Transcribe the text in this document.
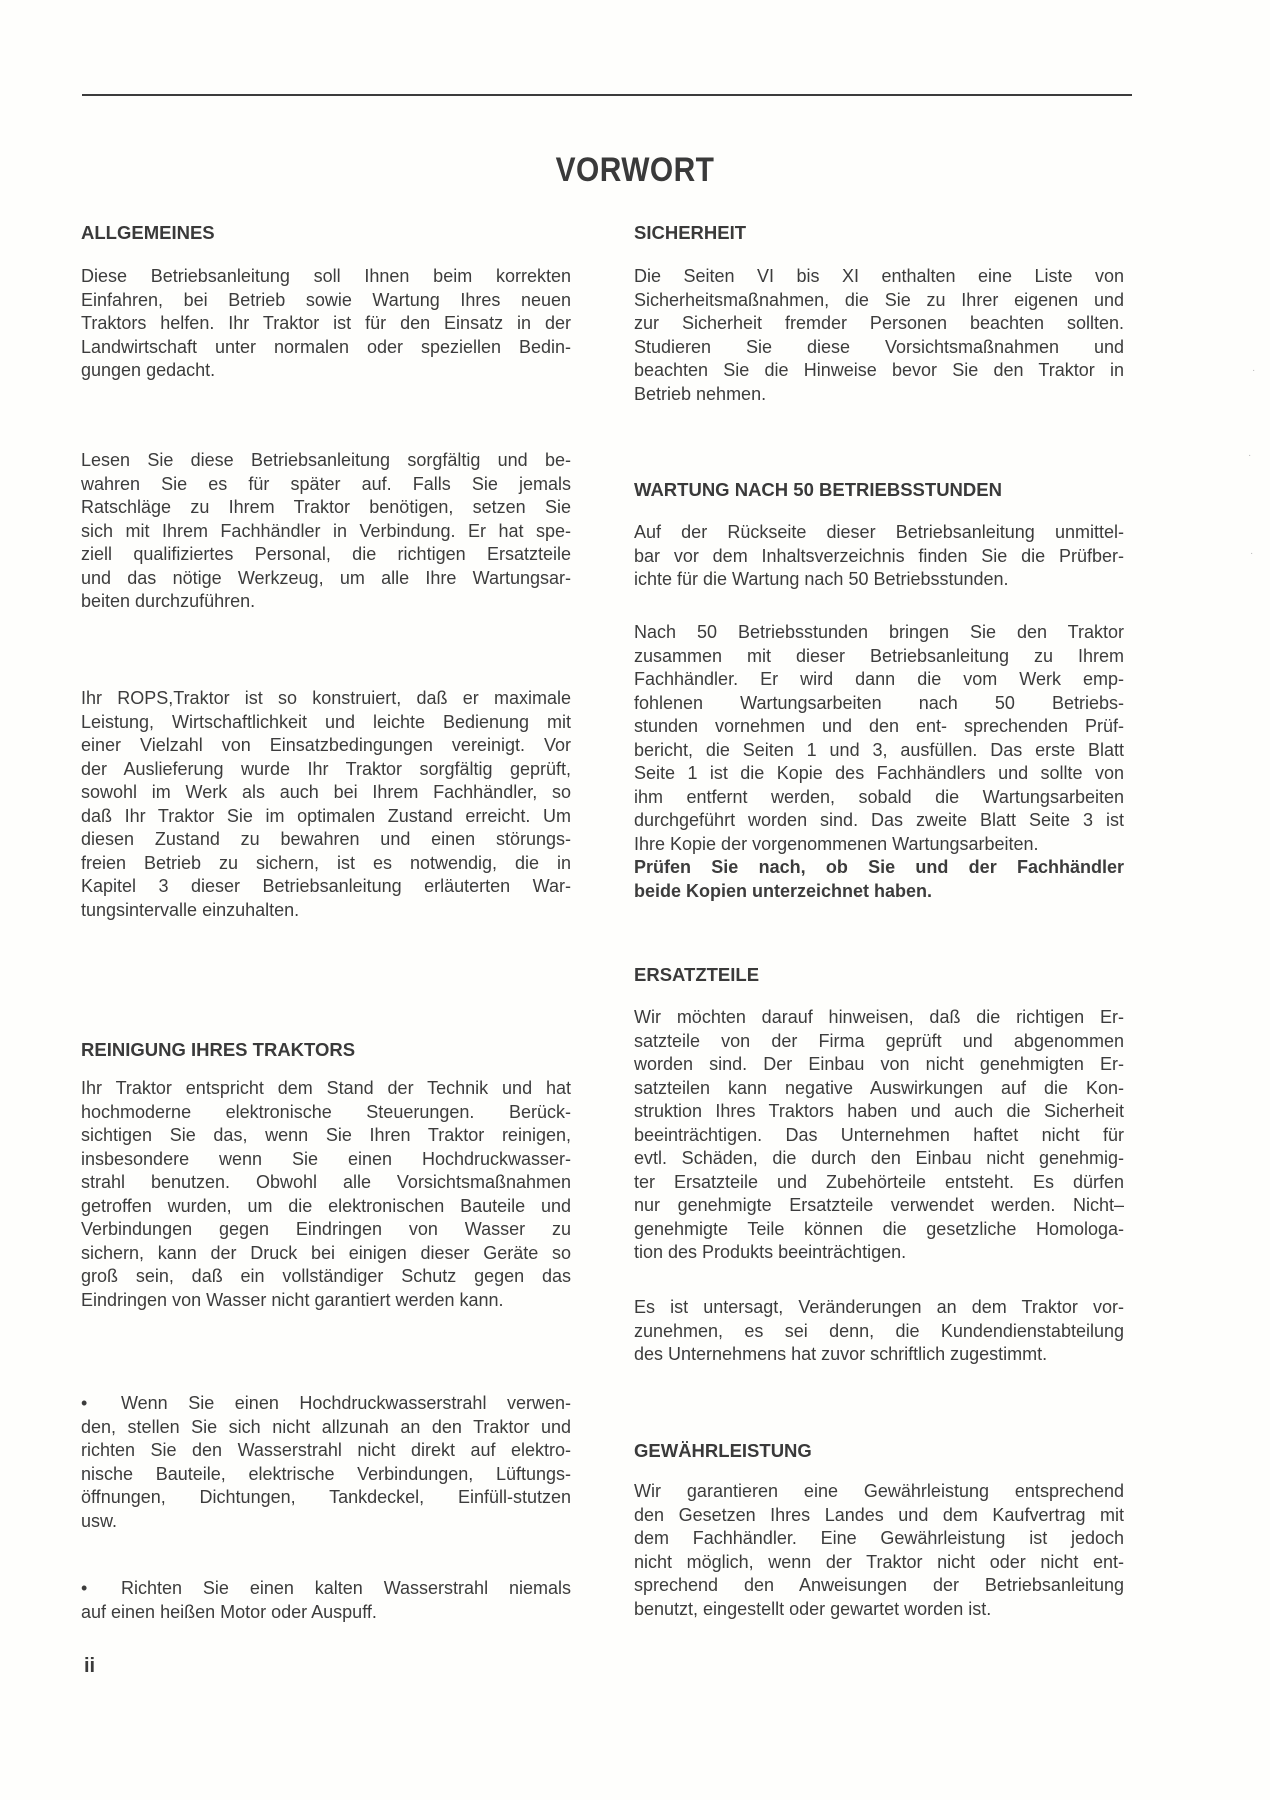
VORWORT
ALLGEMEINES
Diese Betriebsanleitung soll Ihnen beim korrekten
Einfahren, bei Betrieb sowie Wartung Ihres neuen
Traktors helfen. Ihr Traktor ist für den Einsatz in der
Landwirtschaft unter normalen oder speziellen Bedin-
gungen gedacht.
Lesen Sie diese Betriebsanleitung sorgfältig und be-
wahren Sie es für später auf. Falls Sie jemals
Ratschläge zu Ihrem Traktor benötigen, setzen Sie
sich mit Ihrem Fachhändler in Verbindung. Er hat spe-
ziell qualifiziertes Personal, die richtigen Ersatzteile
und das nötige Werkzeug, um alle Ihre Wartungsar-
beiten durchzuführen.
Ihr ROPS,Traktor ist so konstruiert, daß er maximale
Leistung, Wirtschaftlichkeit und leichte Bedienung mit
einer Vielzahl von Einsatzbedingungen vereinigt. Vor
der Auslieferung wurde Ihr Traktor sorgfältig geprüft,
sowohl im Werk als auch bei Ihrem Fachhändler, so
daß Ihr Traktor Sie im optimalen Zustand erreicht. Um
diesen Zustand zu bewahren und einen störungs-
freien Betrieb zu sichern, ist es notwendig, die in
Kapitel 3 dieser Betriebsanleitung erläuterten War-
tungsintervalle einzuhalten.
REINIGUNG IHRES TRAKTORS
Ihr Traktor entspricht dem Stand der Technik und hat
hochmoderne elektronische Steuerungen. Berück-
sichtigen Sie das, wenn Sie Ihren Traktor reinigen,
insbesondere wenn Sie einen Hochdruckwasser-
strahl benutzen. Obwohl alle Vorsichtsmaßnahmen
getroffen wurden, um die elektronischen Bauteile und
Verbindungen gegen Eindringen von Wasser zu
sichern, kann der Druck bei einigen dieser Geräte so
groß sein, daß ein vollständiger Schutz gegen das
Eindringen von Wasser nicht garantiert werden kann.
• Wenn Sie einen Hochdruckwasserstrahl verwen-
den, stellen Sie sich nicht allzunah an den Traktor und
richten Sie den Wasserstrahl nicht direkt auf elektro-
nische Bauteile, elektrische Verbindungen, Lüftungs-
öffnungen, Dichtungen, Tankdeckel, Einfüll-stutzen
usw.
• Richten Sie einen kalten Wasserstrahl niemals
auf einen heißen Motor oder Auspuff.
SICHERHEIT
Die Seiten VI bis XI enthalten eine Liste von
Sicherheitsmaßnahmen, die Sie zu Ihrer eigenen und
zur Sicherheit fremder Personen beachten sollten.
Studieren Sie diese Vorsichtsmaßnahmen und
beachten Sie die Hinweise bevor Sie den Traktor in
Betrieb nehmen.
WARTUNG NACH 50 BETRIEBSSTUNDEN
Auf der Rückseite dieser Betriebsanleitung unmittel-
bar vor dem Inhaltsverzeichnis finden Sie die Prüfber-
ichte für die Wartung nach 50 Betriebsstunden.
Nach 50 Betriebsstunden bringen Sie den Traktor
zusammen mit dieser Betriebsanleitung zu Ihrem
Fachhändler. Er wird dann die vom Werk emp-
fohlenen Wartungsarbeiten nach 50 Betriebs-
stunden vornehmen und den ent- sprechenden Prüf-
bericht, die Seiten 1 und 3, ausfüllen. Das erste Blatt
Seite 1 ist die Kopie des Fachhändlers und sollte von
ihm entfernt werden, sobald die Wartungsarbeiten
durchgeführt worden sind. Das zweite Blatt Seite 3 ist
Ihre Kopie der vorgenommenen Wartungsarbeiten.
Prüfen Sie nach, ob Sie und der Fachhändler
beide Kopien unterzeichnet haben.
ERSATZTEILE
Wir möchten darauf hinweisen, daß die richtigen Er-
satzteile von der Firma geprüft und abgenommen
worden sind. Der Einbau von nicht genehmigten Er-
satzteilen kann negative Auswirkungen auf die Kon-
struktion Ihres Traktors haben und auch die Sicherheit
beeinträchtigen. Das Unternehmen haftet nicht für
evtl. Schäden, die durch den Einbau nicht genehmig-
ter Ersatzteile und Zubehörteile entsteht. Es dürfen
nur genehmigte Ersatzteile verwendet werden. Nicht–
genehmigte Teile können die gesetzliche Homologa-
tion des Produkts beeinträchtigen.
Es ist untersagt, Veränderungen an dem Traktor vor-
zunehmen, es sei denn, die Kundendienstabteilung
des Unternehmens hat zuvor schriftlich zugestimmt.
GEWÄHRLEISTUNG
Wir garantieren eine Gewährleistung entsprechend
den Gesetzen Ihres Landes und dem Kaufvertrag mit
dem Fachhändler. Eine Gewährleistung ist jedoch
nicht möglich, wenn der Traktor nicht oder nicht ent-
sprechend den Anweisungen der Betriebsanleitung
benutzt, eingestellt oder gewartet worden ist.
ii
·
·
·
